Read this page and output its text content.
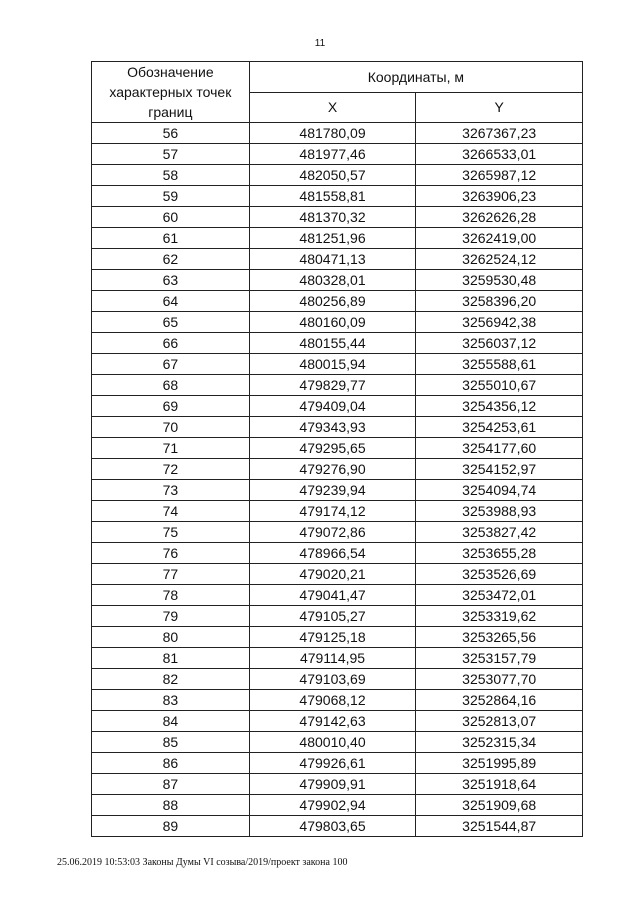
11
Обозначение характерных точек границ	Координаты, м	
	X	Y
56	481780,09	3267367,23
57	481977,46	3266533,01
58	482050,57	3265987,12
59	481558,81	3263906,23
60	481370,32	3262626,28
61	481251,96	3262419,00
62	480471,13	3262524,12
63	480328,01	3259530,48
64	480256,89	3258396,20
65	480160,09	3256942,38
66	480155,44	3256037,12
67	480015,94	3255588,61
68	479829,77	3255010,67
69	479409,04	3254356,12
70	479343,93	3254253,61
71	479295,65	3254177,60
72	479276,90	3254152,97
73	479239,94	3254094,74
74	479174,12	3253988,93
75	479072,86	3253827,42
76	478966,54	3253655,28
77	479020,21	3253526,69
78	479041,47	3253472,01
79	479105,27	3253319,62
80	479125,18	3253265,56
81	479114,95	3253157,79
82	479103,69	3253077,70
83	479068,12	3252864,16
84	479142,63	3252813,07
85	480010,40	3252315,34
86	479926,61	3251995,89
87	479909,91	3251918,64
88	479902,94	3251909,68
89	479803,65	3251544,87
25.06.2019 10:53:03 Законы Думы VI созыва/2019/проект закона 100
